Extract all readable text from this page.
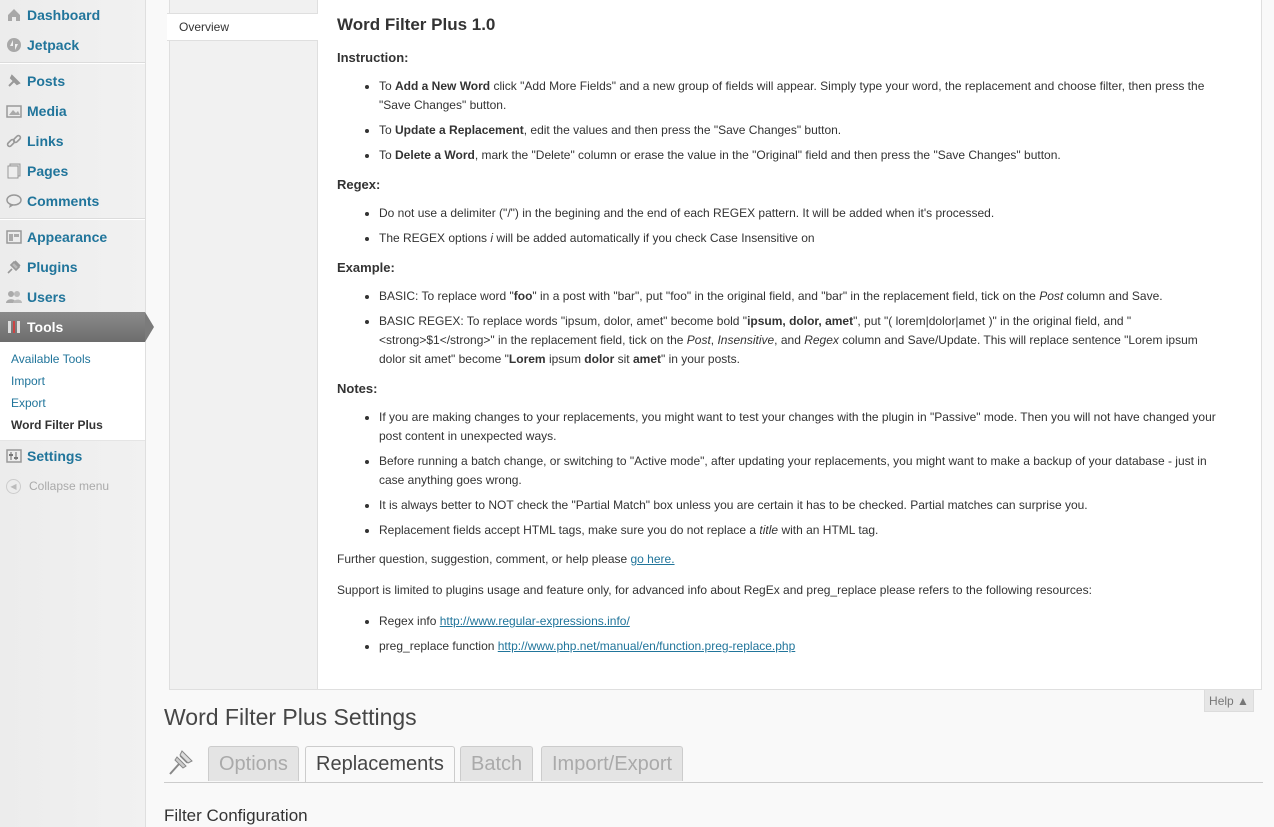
Dashboard
Jetpack
Posts
Media
Links
Pages
Comments
Appearance
Plugins
Users
Tools
Available Tools
Import
Export
Word Filter Plus
Settings
◀	Collapse menu
Overview	Word Filter Plus 1.0
Instruction:
• To Add a New Word click "Add More Fields" and a new group of fields will appear. Simply type your word, the replacement and choose filter, then press the "Save Changes" button.
• To Update a Replacement, edit the values and then press the "Save Changes" button.
• To Delete a Word, mark the "Delete" column or erase the value in the "Original" field and then press the "Save Changes" button.
Regex:
• Do not use a delimiter ("/") in the begining and the end of each REGEX pattern. It will be added when it's processed.
• The REGEX options i will be added automatically if you check Case Insensitive on
Example:
• BASIC: To replace word "foo" in a post with "bar", put "foo" in the original field, and "bar" in the replacement field, tick on the Post column and Save.
• BASIC REGEX: To replace words "ipsum, dolor, amet" become bold "ipsum, dolor, amet", put "( lorem|dolor|amet )" in the original field, and "<strong>$1</strong>" in the replacement field, tick on the Post, Insensitive, and Regex column and Save/Update. This will replace sentence "Lorem ipsum dolor sit amet" become "Lorem ipsum dolor sit amet" in your posts.
Notes:
• If you are making changes to your replacements, you might want to test your changes with the plugin in "Passive" mode. Then you will not have changed your post content in unexpected ways.
• Before running a batch change, or switching to "Active mode", after updating your replacements, you might want to make a backup of your database - just in case anything goes wrong.
• It is always better to NOT check the "Partial Match" box unless you are certain it has to be checked. Partial matches can surprise you.
• Replacement fields accept HTML tags, make sure you do not replace a title with an HTML tag.

Further question, suggestion, comment, or help please go here.

Support is limited to plugins usage and feature only, for advanced info about RegEx and preg_replace please refers to the following resources:

• Regex info http://www.regular-expressions.info/
• preg_replace function http://www.php.net/manual/en/function.preg-replace.php
Help ▲
Word Filter Plus Settings
Options	Replacements	Batch	Import/Export
Filter Configuration
